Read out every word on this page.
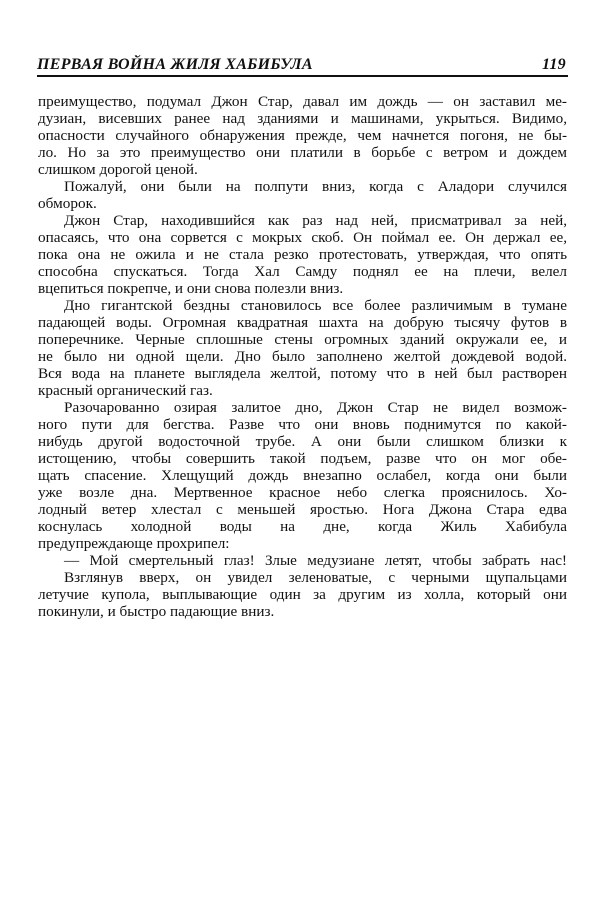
ПЕРВАЯ ВОЙНА ЖИЛЯ ХАБИБУЛА	119
преимущество, подумал Джон Стар, давал им дождь — он заставил ме-
дузиан, висевших ранее над зданиями и машинами, укрыться. Видимо,
опасности случайного обнаружения прежде, чем начнется погоня, не бы-
ло. Но за это преимущество они платили в борьбе с ветром и дождем
слишком дорогой ценой.
Пожалуй, они были на полпути вниз, когда с Аладори случился
обморок.
Джон Стар, находившийся как раз над ней, присматривал за ней,
опасаясь, что она сорвется с мокрых скоб. Он поймал ее. Он держал ее,
пока она не ожила и не стала резко протестовать, утверждая, что опять
способна спускаться. Тогда Хал Самду поднял ее на плечи, велел
вцепиться покрепче, и они снова полезли вниз.
Дно гигантской бездны становилось все более различимым в тумане
падающей воды. Огромная квадратная шахта на добрую тысячу футов в
поперечнике. Черные сплошные стены огромных зданий окружали ее, и
не было ни одной щели. Дно было заполнено желтой дождевой водой.
Вся вода на планете выглядела желтой, потому что в ней был растворен
красный органический газ.
Разочарованно озирая залитое дно, Джон Стар не видел возмож-
ного пути для бегства. Разве что они вновь поднимутся по какой-
нибудь другой водосточной трубе. А они были слишком близки к
истощению, чтобы совершить такой подъем, разве что он мог обе-
щать спасение. Хлещущий дождь внезапно ослабел, когда они были
уже возле дна. Мертвенное красное небо слегка прояснилось. Хо-
лодный ветер хлестал с меньшей яростью. Нога Джона Стара едва
коснулась холодной воды на дне, когда Жиль Хабибула
предупреждающе прохрипел:
— Мой смертельный глаз! Злые медузиане летят, чтобы забрать нас!
Взглянув вверх, он увидел зеленоватые, с черными щупальцами
летучие купола, выплывающие один за другим из холла, который они
покинули, и быстро падающие вниз.
